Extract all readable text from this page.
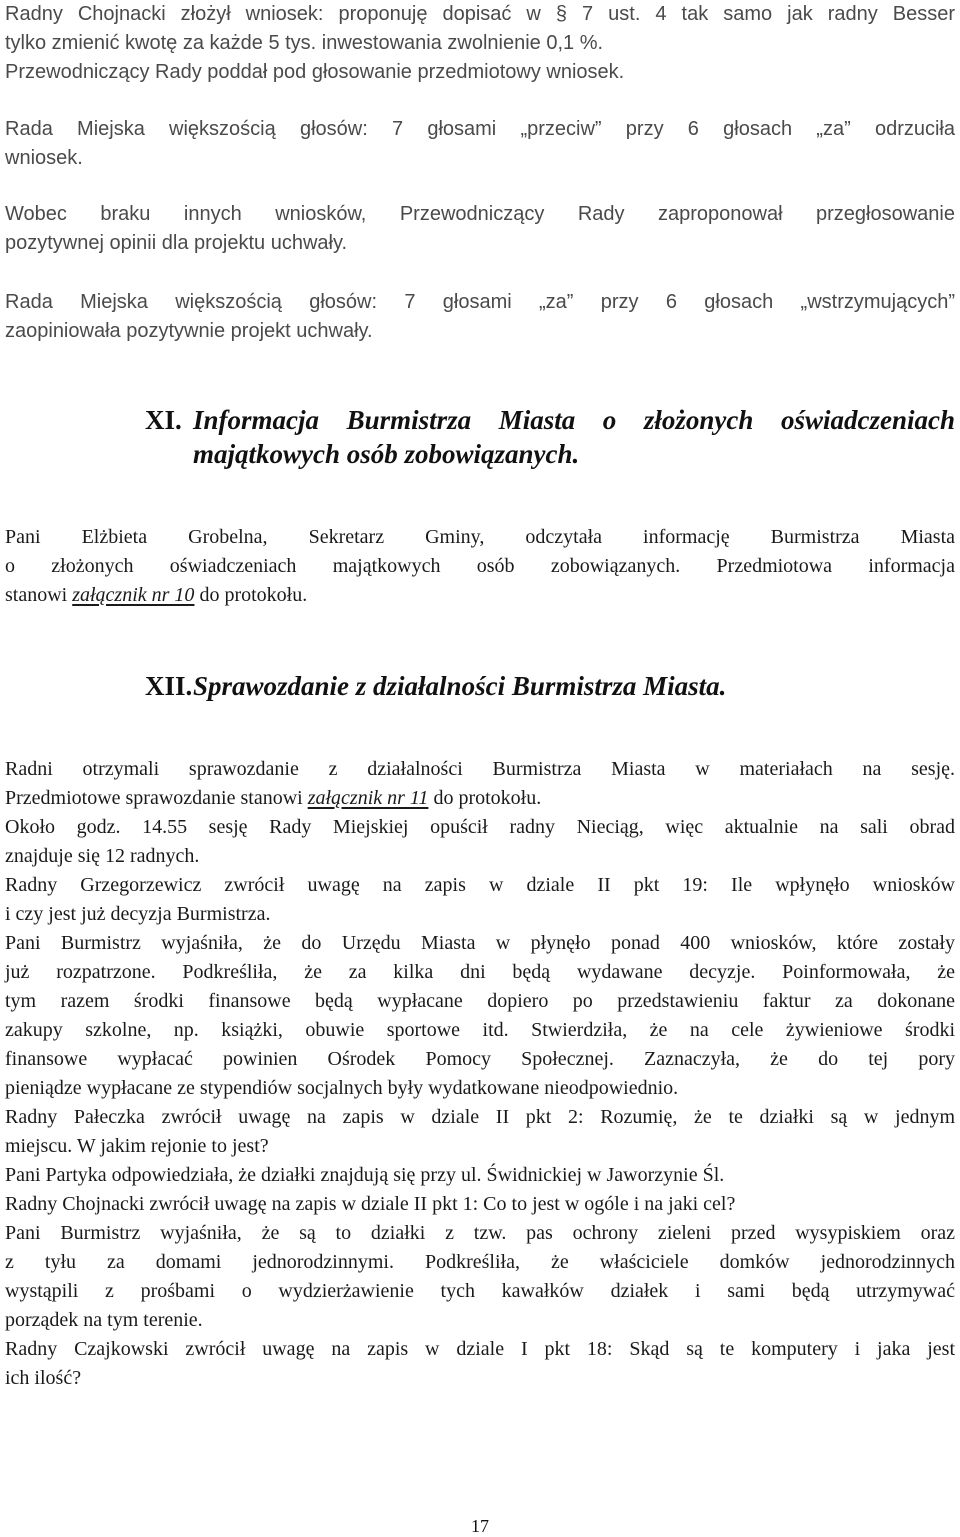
Radny Chojnacki złożył wniosek: proponuję dopisać w § 7 ust. 4 tak samo jak radny Besser
tylko zmienić kwotę za każde 5 tys. inwestowania zwolnienie 0,1 %.
Przewodniczący Rady poddał pod głosowanie przedmiotowy wniosek.
Rada Miejska większością głosów: 7 głosami „przeciw” przy 6 głosach „za” odrzuciła
wniosek.
Wobec braku innych wniosków, Przewodniczący Rady zaproponował przegłosowanie
pozytywnej opinii dla projektu uchwały.
Rada Miejska większością głosów: 7 głosami „za” przy 6 głosach „wstrzymujących”
zaopiniowała pozytywnie projekt uchwały.
XI. Informacja Burmistrza Miasta o złożonych oświadczeniach
majątkowych osób zobowiązanych.
Pani Elżbieta Grobelna, Sekretarz Gminy, odczytała informację Burmistrza Miasta
o złożonych oświadczeniach majątkowych osób zobowiązanych. Przedmiotowa informacja
stanowi załącznik nr 10 do protokołu.
XII. Sprawozdanie z działalności Burmistrza Miasta.
Radni otrzymali sprawozdanie z działalności Burmistrza Miasta w materiałach na sesję.
Przedmiotowe sprawozdanie stanowi załącznik nr 11 do protokołu.
Około godz. 14.55 sesję Rady Miejskiej opuścił radny Nieciąg, więc aktualnie na sali obrad
znajduje się 12 radnych.
Radny Grzegorzewicz zwrócił uwagę na zapis w dziale II pkt 19: Ile wpłynęło wniosków
i czy jest już decyzja Burmistrza.
Pani Burmistrz wyjaśniła, że do Urzędu Miasta w płynęło ponad 400 wniosków, które zostały
już rozpatrzone. Podkreśliła, że za kilka dni będą wydawane decyzje. Poinformowała, że
tym razem środki finansowe będą wypłacane dopiero po przedstawieniu faktur za dokonane
zakupy szkolne, np. książki, obuwie sportowe itd. Stwierdziła, że na cele żywieniowe środki
finansowe wypłacać powinien Ośrodek Pomocy Społecznej. Zaznaczyła, że do tej pory
pieniądze wypłacane ze stypendiów socjalnych były wydatkowane nieodpowiednio.
Radny Pałeczka zwrócił uwagę na zapis w dziale II pkt 2: Rozumię, że te działki są w jednym
miejscu. W jakim rejonie to jest?
Pani Partyka odpowiedziała, że działki znajdują się przy ul. Świdnickiej w Jaworzynie Śl.
Radny Chojnacki zwrócił uwagę na zapis w dziale II pkt 1: Co to jest w ogóle i na jaki cel?
Pani Burmistrz wyjaśniła, że są to działki z tzw. pas ochrony zieleni przed wysypiskiem oraz
z tyłu za domami jednorodzinnymi. Podkreśliła, że właściciele domków jednorodzinnych
wystąpili z prośbami o wydzierżawienie tych kawałków działek i sami będą utrzymywać
porządek na tym terenie.
Radny Czajkowski zwrócił uwagę na zapis w dziale I pkt 18: Skąd są te komputery i jaka jest
ich ilość?
17
